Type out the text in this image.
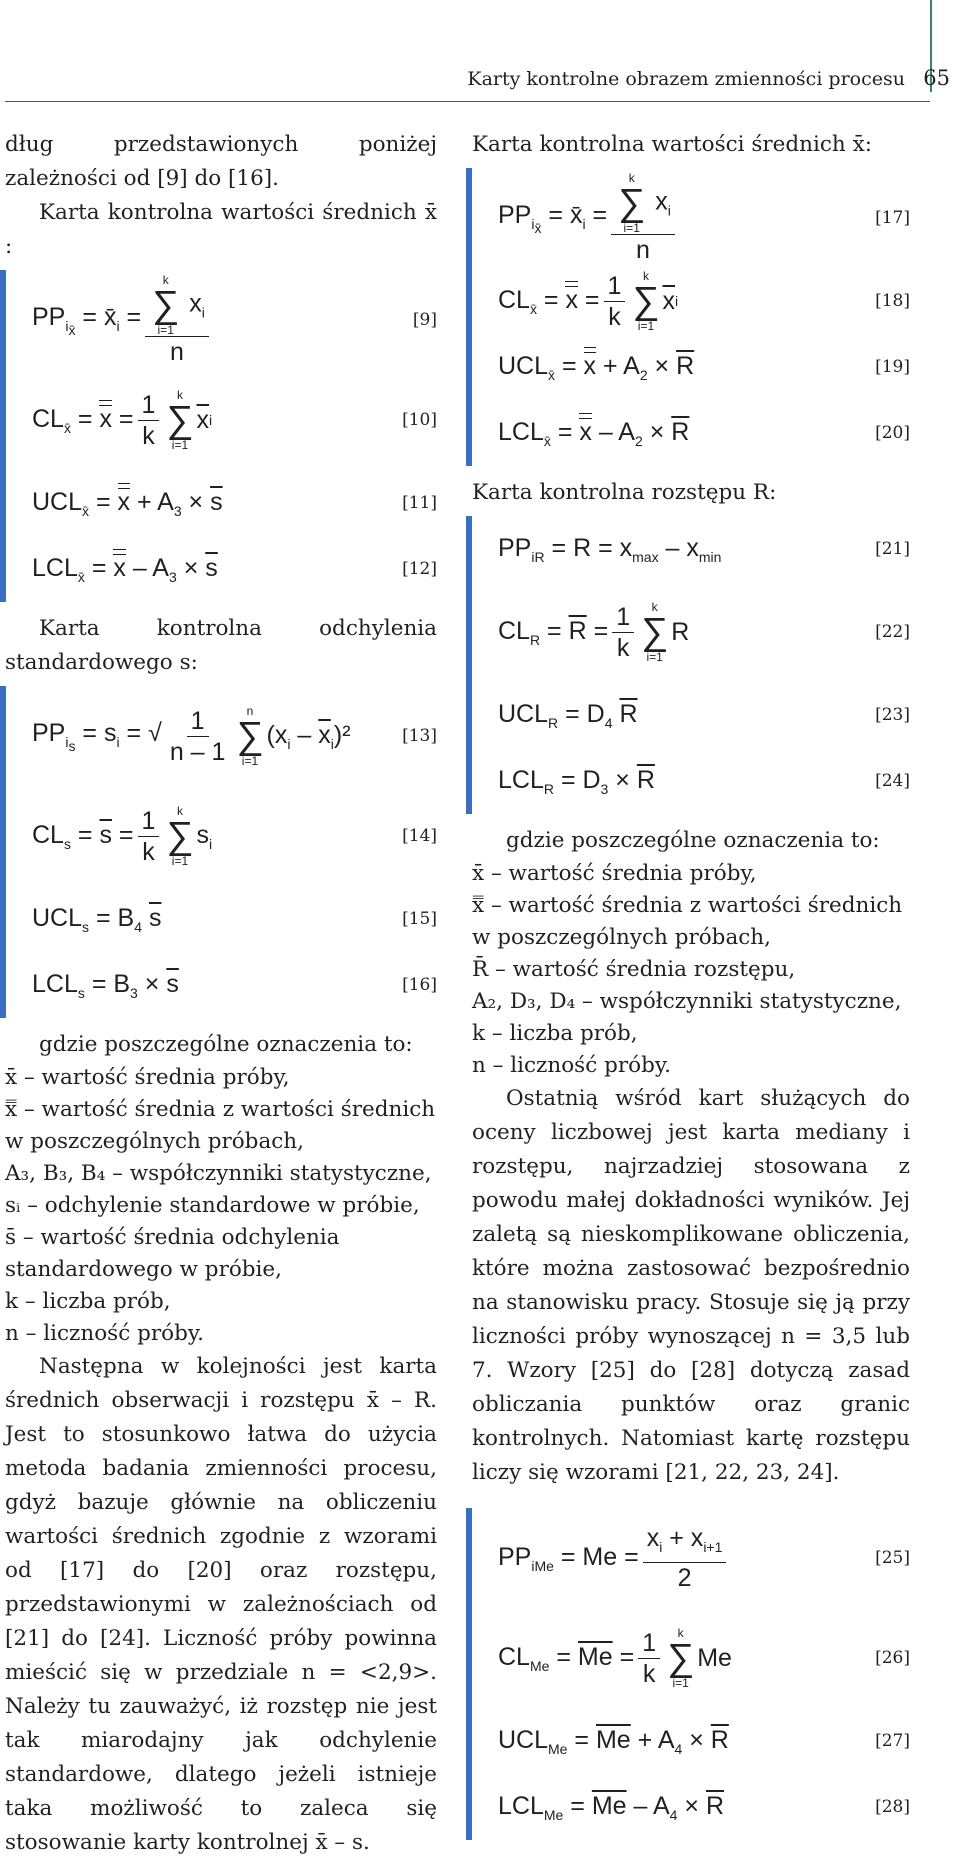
Karty kontrolne obrazem zmienności procesu 65

dług przedstawionych poniżej zależności od [9] do [16].

Karta kontrolna wartości średnich x̄ :

$PP_{i_{x̄}}$ = $x̄_i = k$
∑
i=1
$x_i$
n	[9]
$CL_{x̄} = x = \frac{1}{k}$ k
∑
i=1
$\overline{x}$ i	[10]
$UCL_{x̄} = x + A_3 \times \overline{s}$	[11]
$LCL_{x̄} = x - A_3 \times \overline{s}$	[12]

Karta kontrolna odchylenia standardowego s:

$PP_{i_s} = s_i$ = √ $\frac{1}{n - 1}$ n
∑
i=1
$(x_i - \overline{x}_i)^2$	[13]
$CL_s = \overline{s} = \frac{1}{k}$ k
∑
i=1
$s_i$	[14]
$UCL_s = B_4$ $\overline{s}$	[15]
$LCL_s = B_3 \times \overline{s}$	[16]

gdzie poszczególne oznaczenia to:

x̄ – wartość średnia próby,
x̿ – wartość średnia z wartości średnich w poszczególnych próbach,
A₃, B₃, B₄ – współczynniki statystyczne,
sᵢ – odchylenie standardowe w próbie,
s̄ – wartość średnia odchylenia standardowego w próbie,
k – liczba prób,
n – liczność próby.

Następna w kolejności jest karta średnich obserwacji i rozstępu x̄ – R. Jest to stosunkowo łatwa do użycia metoda badania zmienności procesu, gdyż bazuje głównie na obliczeniu wartości średnich zgodnie z wzorami od [17] do [20] oraz rozstępu, przedstawionymi w zależnościach od [21] do [24]. Liczność próby powinna mieścić się w przedziale n = <2,9>. Należy tu zauważyć, iż rozstęp nie jest tak miarodajny jak odchylenie standardowe, dlatego jeżeli istnieje taka możliwość to zaleca się stosowanie karty kontrolnej x̄ – s.

Karta kontrolna wartości średnich x̄:

$PP_{i_{x̄}}$ = $x̄_i = k$
∑
i=1
$x_i$
n	[17]
$CL_{x̄} = x = \frac{1}{k}$ k
∑
i=1
$\overline{x}$ i	[18]
$UCL_{x̄} = x + A_2 \times \overline{R}$	[19]
$LCL_{x̄} = x - A_2 \times \overline{R}$	[20]

Karta kontrolna rozstępu R:

$PP_{iR} = R = x_{max} - x_{min}$	[21]
$CL_R = \overline{R} = \frac{1}{k}$ k
∑
i=1
R	[22]
$UCL_R = D_4$ $\overline{R}$	[23]
$LCL_R = D_3 \times \overline{R}$	[24]

gdzie poszczególne oznaczenia to:

x̄ – wartość średnia próby,
x̿ – wartość średnia z wartości średnich w poszczególnych próbach,
R̄ – wartość średnia rozstępu,
A₂, D₃, D₄ – współczynniki statystyczne,
k – liczba prób,
n – liczność próby.

Ostatnią wśród kart służących do oceny liczbowej jest karta mediany i rozstępu, najrzadziej stosowana z powodu małej dokładności wyników. Jej zaletą są nieskomplikowane obliczenia, które można zastosować bezpośrednio na stanowisku pracy. Stosuje się ją przy liczności próby wynoszącej n = 3,5 lub 7. Wzory [25] do [28] dotyczą zasad obliczania punktów oraz granic kontrolnych. Natomiast kartę rozstępu liczy się wzorami [21, 22, 23, 24].

$PP_{iMe} = Me = \frac{x_i + x_{i+1}}{2}$	[25]
$CL_{Me} = \overline{Me} = \frac{1}{k}$ k
∑
i=1
Me	[26]
$UCL_{Me} = \overline{Me} + A_4 \times \overline{R}$	[27]
$LCL_{Me} = \overline{Me} - A_4 \times \overline{R}$	[28]
